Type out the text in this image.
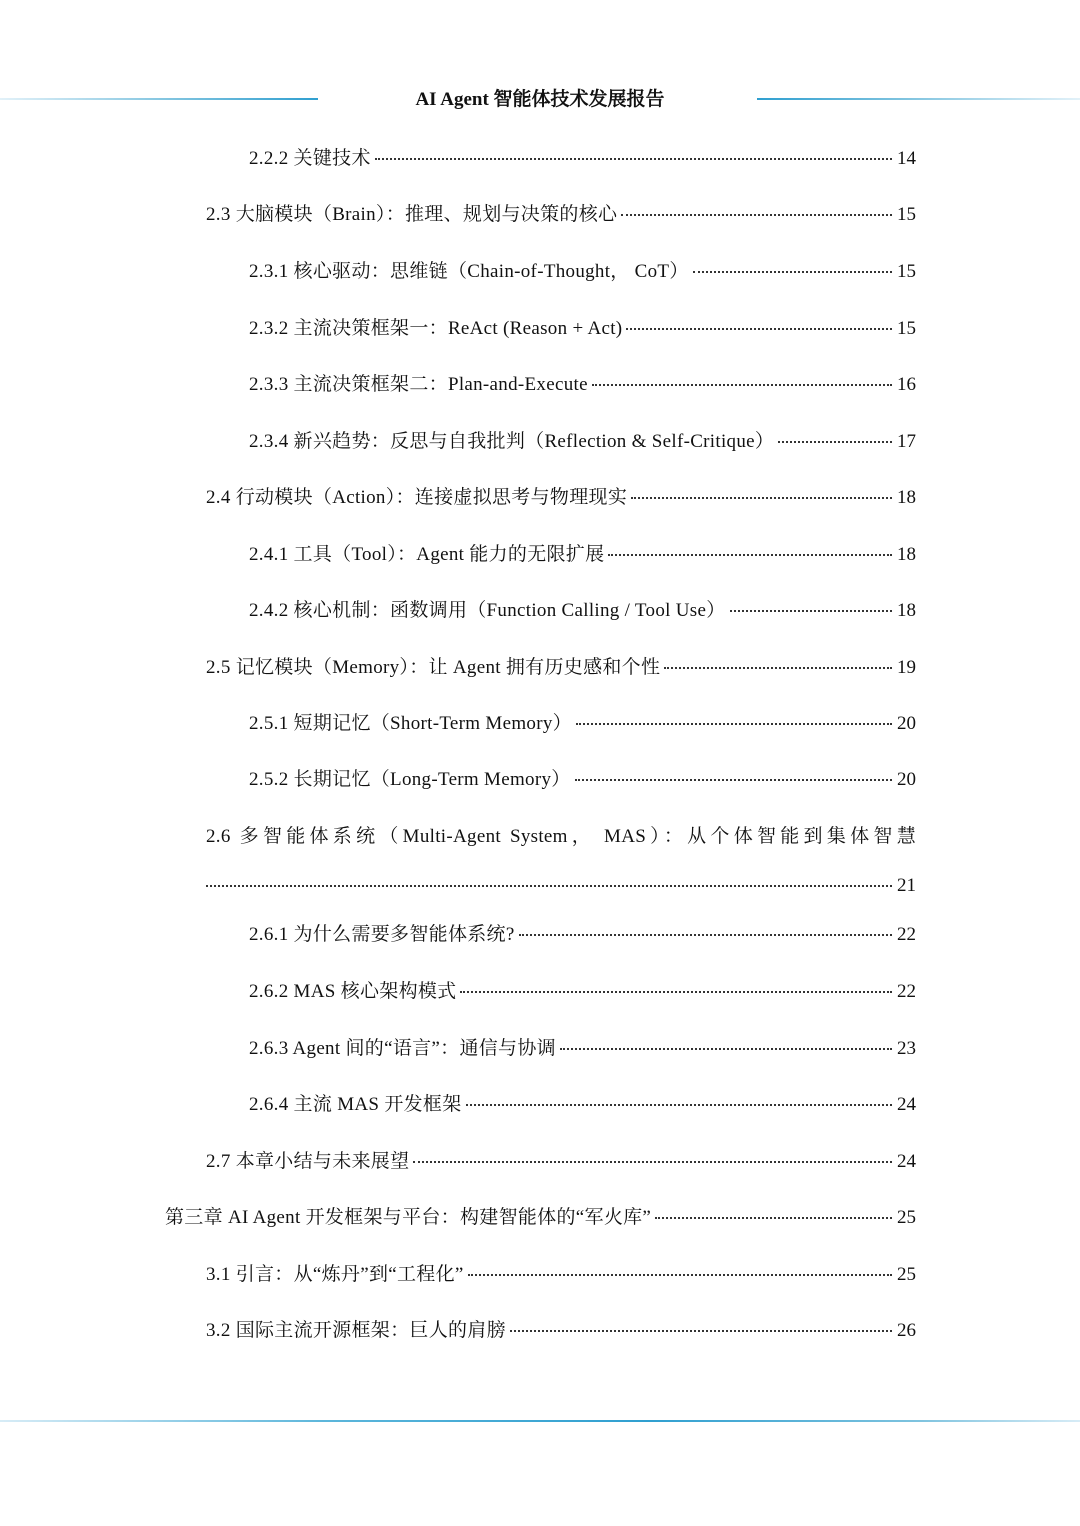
AI Agent 智能体技术发展报告
2.2.2 关键技术	14
2.3 大脑模块（Brain）：推理、规划与决策的核心	15
2.3.1 核心驱动：思维链（Chain-of-Thought， CoT）	15
2.3.2 主流决策框架一：ReAct (Reason + Act)	15
2.3.3 主流决策框架二：Plan-and-Execute	16
2.3.4 新兴趋势：反思与自我批判（Reflection & Self-Critique）	17
2.4 行动模块（Action）：连接虚拟思考与物理现实	18
2.4.1 工具（Tool）：Agent 能力的无限扩展	18
2.4.2 核心机制：函数调用（Function Calling / Tool Use）	18
2.5 记忆模块（Memory）：让 Agent 拥有历史感和个性	19
2.5.1 短期记忆（Short-Term Memory）	20
2.5.2 长期记忆（Long-Term Memory）	20
2.6 多智能体系统（Multi-Agent System， MAS）：从个体智能到集体智慧
21
2.6.1 为什么需要多智能体系统?	22
2.6.2 MAS 核心架构模式	22
2.6.3 Agent 间的“语言”：通信与协调	23
2.6.4 主流 MAS 开发框架	24
2.7 本章小结与未来展望	24
第三章 AI Agent 开发框架与平台：构建智能体的“军火库”	25
3.1 引言：从“炼丹”到“工程化”	25
3.2 国际主流开源框架：巨人的肩膀	26
